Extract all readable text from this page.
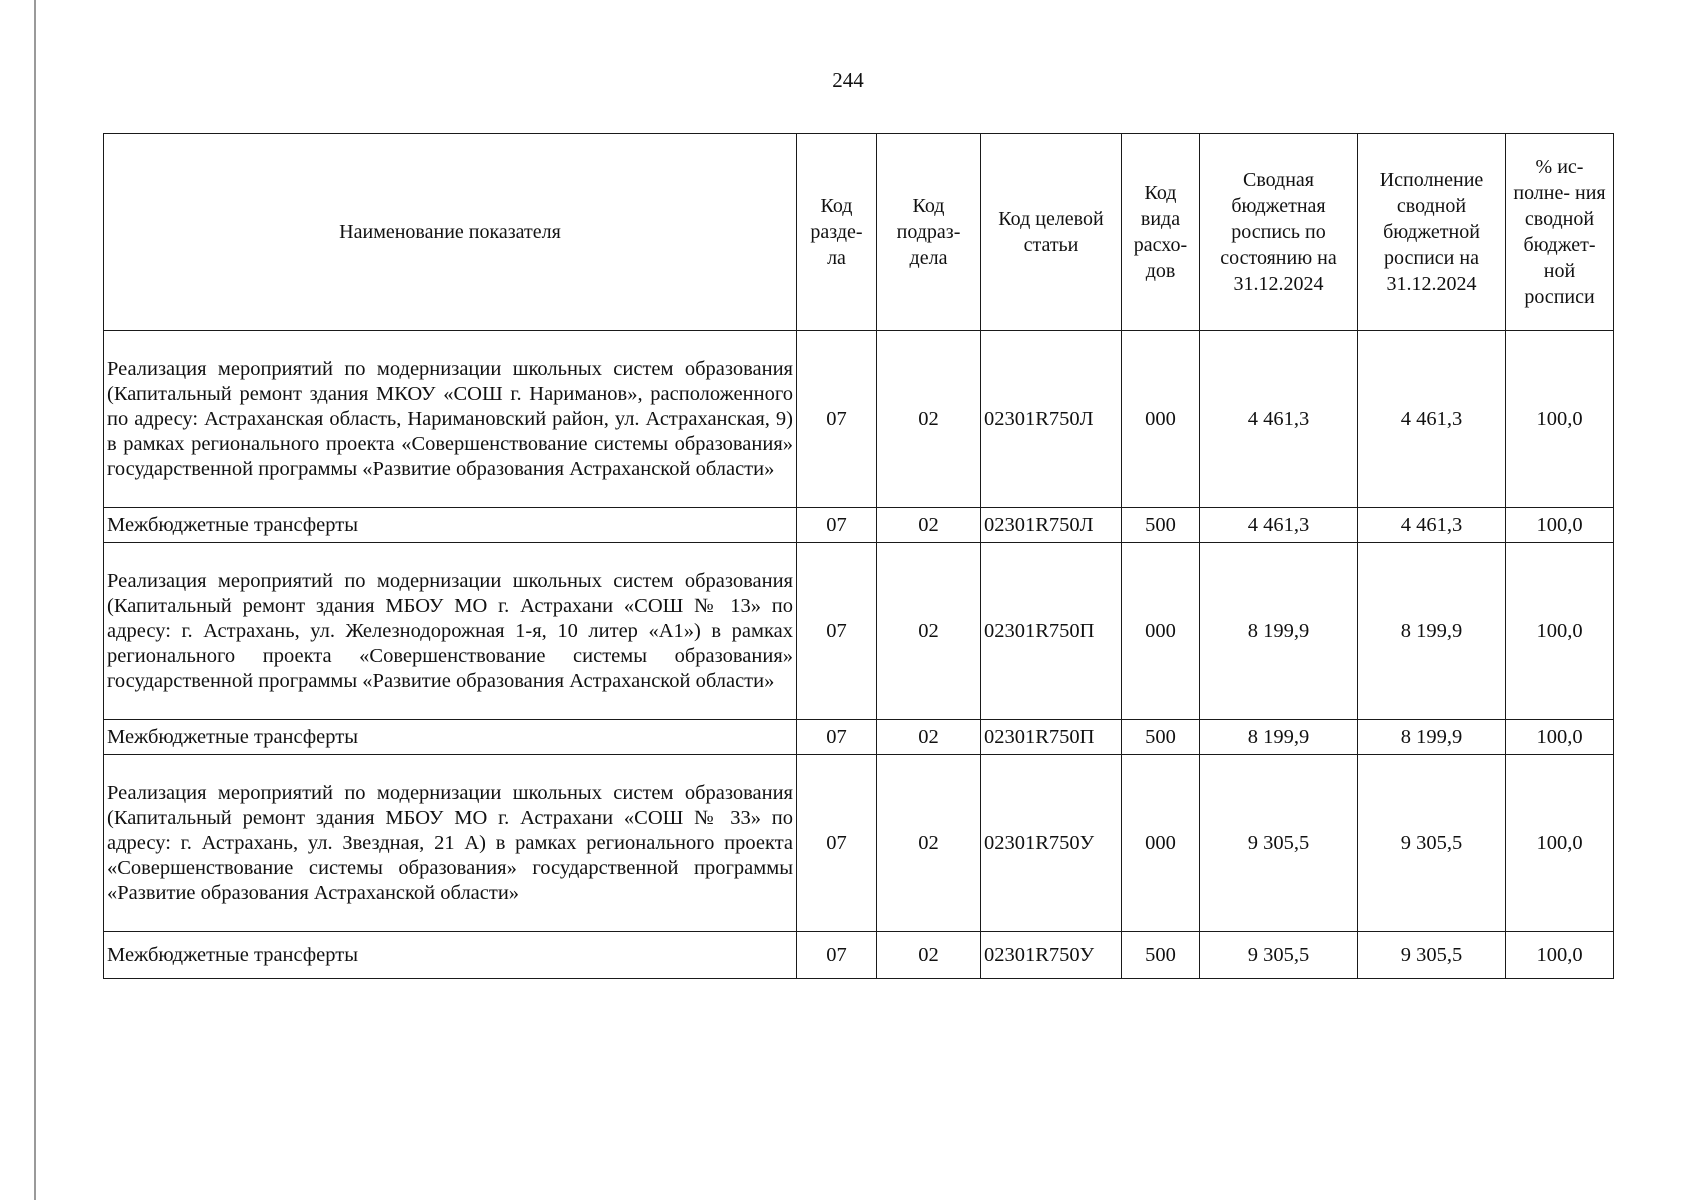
244
Наименование показателя	Код разде- ла	Код подраз- дела	Код целевой статьи	Код вида расхо- дов	Сводная бюджетная роспись по состоянию на 31.12.2024	Исполнение сводной бюджетной росписи на 31.12.2024	% ис- полне- ния сводной бюджет- ной росписи
Реализация мероприятий по модернизации школьных систем образования (Капитальный ремонт здания МКОУ «СОШ г. Нариманов», расположенного по адресу: Астраханская область, Наримановский район, ул. Астраханская, 9) в рамках регионального проекта «Совершенствование системы образования» государственной программы «Развитие образования Астраханской области»	07	02	02301R750Л	000	4 461,3	4 461,3	100,0
Межбюджетные трансферты	07	02	02301R750Л	500	4 461,3	4 461,3	100,0
Реализация мероприятий по модернизации школьных систем образования (Капитальный ремонт здания МБОУ МО г. Астрахани «СОШ № 13» по адресу: г. Астрахань, ул. Железнодорожная 1-я, 10 литер «А1») в рамках регионального проекта «Совершенствование системы образования» государственной программы «Развитие образования Астраханской области»	07	02	02301R750П	000	8 199,9	8 199,9	100,0
Межбюджетные трансферты	07	02	02301R750П	500	8 199,9	8 199,9	100,0
Реализация мероприятий по модернизации школьных систем образования (Капитальный ремонт здания МБОУ МО г. Астрахани «СОШ № 33» по адресу: г. Астрахань, ул. Звездная, 21 А) в рамках регионального проекта «Совершенствование системы образования» государственной программы «Развитие образования Астраханской области»	07	02	02301R750У	000	9 305,5	9 305,5	100,0
Межбюджетные трансферты	07	02	02301R750У	500	9 305,5	9 305,5	100,0
